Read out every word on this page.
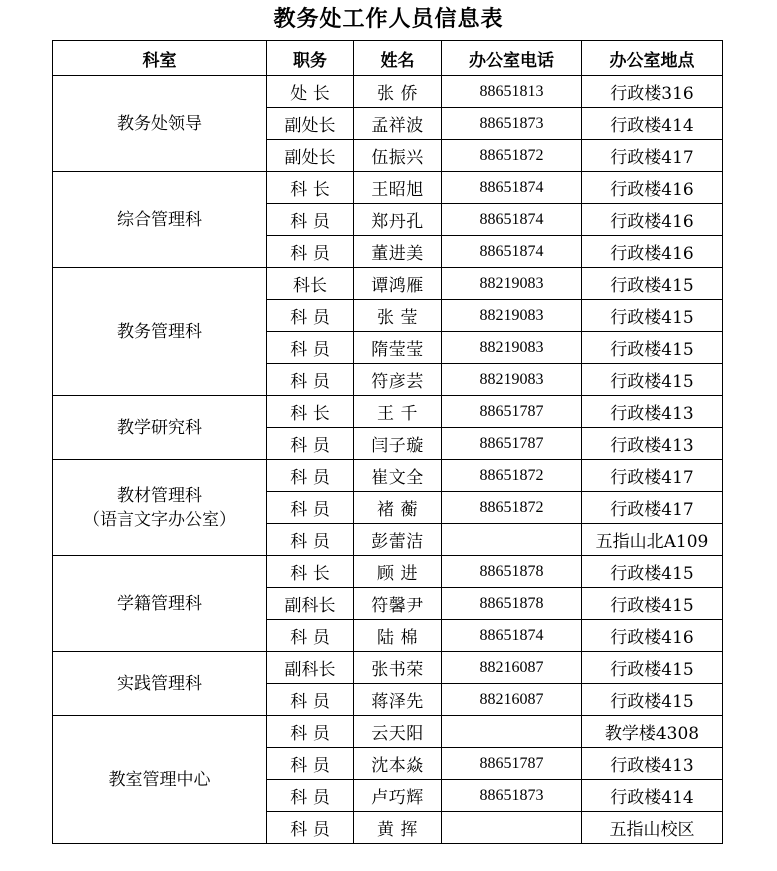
教务处工作人员信息表
科室	职务	姓名	办公室电话	办公室地点
教务处领导	处 长	张 侨	88651813	行政楼316
	副处长	孟祥波	88651873	行政楼414
	副处长	伍振兴	88651872	行政楼417
综合管理科	科 长	王昭旭	88651874	行政楼416
	科 员	郑丹孔	88651874	行政楼416
	科 员	董进美	88651874	行政楼416
教务管理科	科长	谭鸿雁	88219083	行政楼415
	科 员	张 莹	88219083	行政楼415
	科 员	隋莹莹	88219083	行政楼415
	科 员	符彦芸	88219083	行政楼415
教学研究科	科 长	王 千	88651787	行政楼413
	科 员	闫子璇	88651787	行政楼413
教材管理科
（语言文字办公室）	科 员	崔文全	88651872	行政楼417
	科 员	褚 蘅	88651872	行政楼417
	科 员	彭蕾洁		五指山北A109
学籍管理科	科 长	顾 进	88651878	行政楼415
	副科长	符馨尹	88651878	行政楼415
	科 员	陆 棉	88651874	行政楼416
实践管理科	副科长	张书荣	88216087	行政楼415
	科 员	蒋泽先	88216087	行政楼415
教室管理中心	科 员	云天阳		教学楼4308
	科 员	沈本焱	88651787	行政楼413
	科 员	卢巧辉	88651873	行政楼414
	科 员	黄 挥		五指山校区
